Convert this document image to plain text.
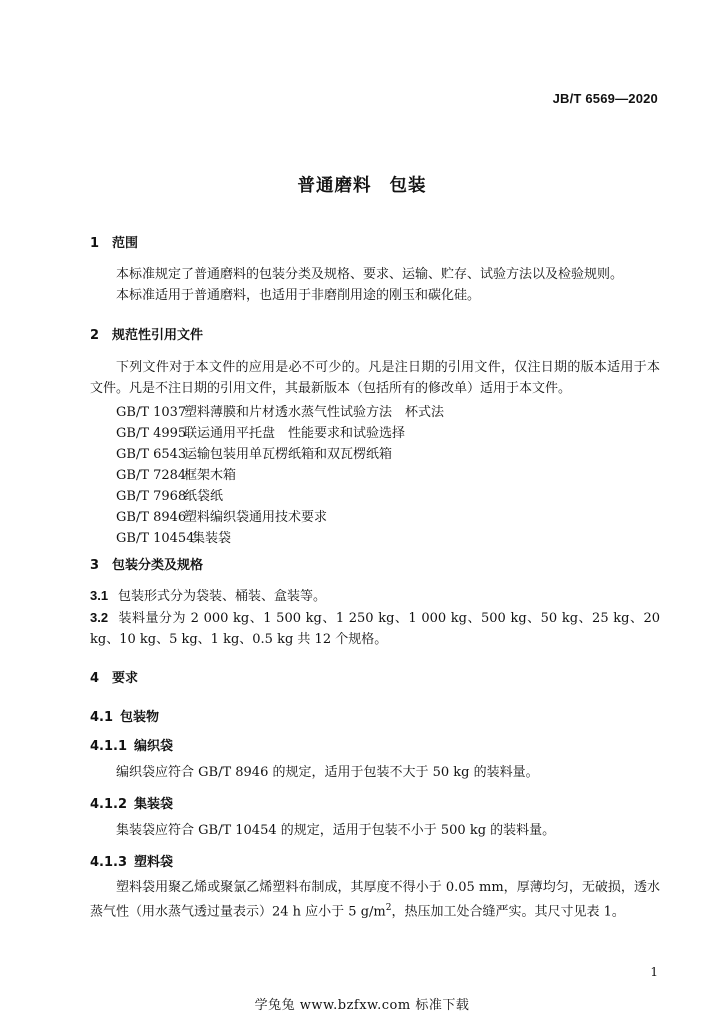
JB/T 6569—2020
普通磨料 包装
1 范围
本标准规定了普通磨料的包装分类及规格、要求、运输、贮存、试验方法以及检验规则。
本标准适用于普通磨料，也适用于非磨削用途的刚玉和碳化硅。
2 规范性引用文件
下列文件对于本文件的应用是必不可少的。凡是注日期的引用文件，仅注日期的版本适用于本文件。凡是不注日期的引用文件，其最新版本（包括所有的修改单）适用于本文件。
GB/T 1037塑料薄膜和片材透水蒸气性试验方法　杯式法
GB/T 4995联运通用平托盘　性能要求和试验选择
GB/T 6543运输包装用单瓦楞纸箱和双瓦楞纸箱
GB/T 7284框架木箱
GB/T 7968纸袋纸
GB/T 8946塑料编织袋通用技术要求
GB/T 10454集装袋
3 包装分类及规格
3.1 包装形式分为袋装、桶装、盒装等。
3.2 装料量分为 2 000 kg、1 500 kg、1 250 kg、1 000 kg、500 kg、50 kg、25 kg、20 kg、10 kg、5 kg、1 kg、0.5 kg 共 12 个规格。
4 要求
4.1 包装物
4.1.1 编织袋
编织袋应符合 GB/T 8946 的规定，适用于包装不大于 50 kg 的装料量。
4.1.2 集装袋
集装袋应符合 GB/T 10454 的规定，适用于包装不小于 500 kg 的装料量。
4.1.3 塑料袋
塑料袋用聚乙烯或聚氯乙烯塑料布制成，其厚度不得小于 0.05 mm，厚薄均匀，无破损，透水蒸气性（用水蒸气透过量表示）24 h 应小于 5 $g/m^2$，热压加工处合缝严实。其尺寸见表 1。
1
学兔兔 www.bzfxw.com 标准下载
